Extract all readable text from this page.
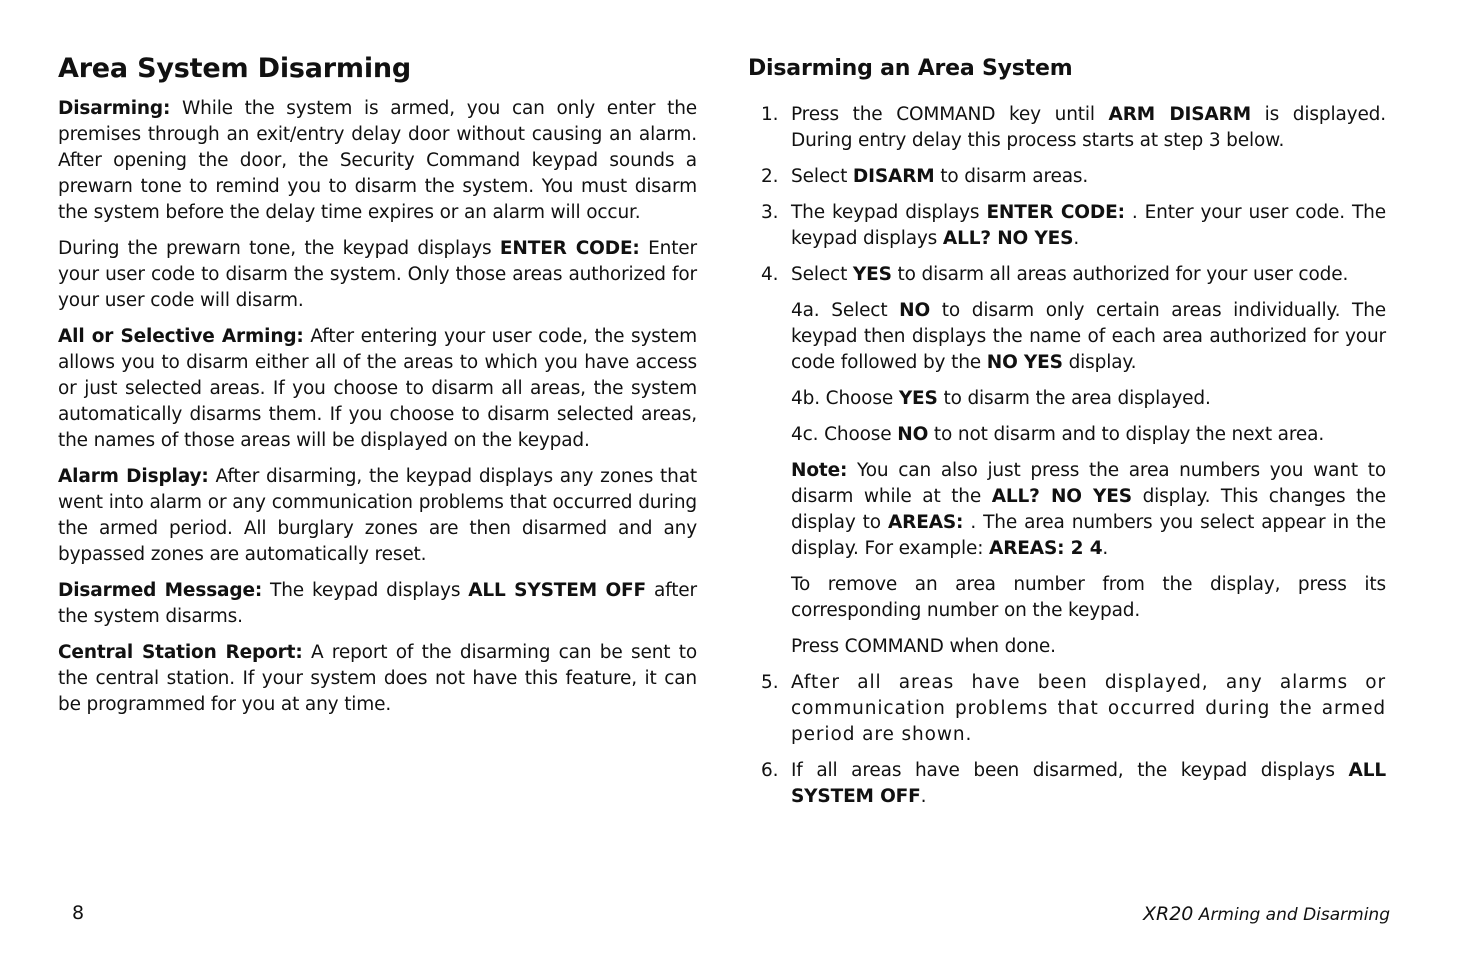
Area System Disarming

Disarming: While the system is armed, you can only enter the premises through an exit/entry delay door without causing an alarm. After opening the door, the Security Command keypad sounds a prewarn tone to remind you to disarm the system. You must disarm the system before the delay time expires or an alarm will occur.

During the prewarn tone, the keypad displays ENTER CODE: Enter your user code to disarm the system. Only those areas authorized for your user code will disarm.

All or Selective Arming: After entering your user code, the system allows you to disarm either all of the areas to which you have access or just selected areas. If you choose to disarm all areas, the system automatically disarms them. If you choose to disarm selected areas, the names of those areas will be displayed on the keypad.

Alarm Display: After disarming, the keypad displays any zones that went into alarm or any communication problems that occurred during the armed period. All burglary zones are then disarmed and any bypassed zones are automatically reset.

Disarmed Message: The keypad displays ALL SYSTEM OFF after the system disarms.

Central Station Report: A report of the disarming can be sent to the central station. If your system does not have this feature, it can be programmed for you at any time.

Disarming an Area System
1. Press the COMMAND key until ARM DISARM is displayed. During entry delay this process starts at step 3 below.
2. Select DISARM to disarm areas.
3. The keypad displays ENTER CODE: . Enter your user code. The keypad displays ALL? NO YES.
4. Select YES to disarm all areas authorized for your user code.

4a. Select NO to disarm only certain areas individually. The keypad then displays the name of each area authorized for your code followed by the NO YES display.

4b. Choose YES to disarm the area displayed.

4c. Choose NO to not disarm and to display the next area.

Note: You can also just press the area numbers you want to disarm while at the ALL? NO YES display. This changes the display to AREAS: . The area numbers you select appear in the display. For example: AREAS: 2 4.

To remove an area number from the display, press its corresponding number on the keypad.

Press COMMAND when done.

5. After all areas have been displayed, any alarms or communication problems that occurred during the armed period are shown.
6. If all areas have been disarmed, the keypad displays ALL SYSTEM OFF.
8	XR20 Arming and Disarming
